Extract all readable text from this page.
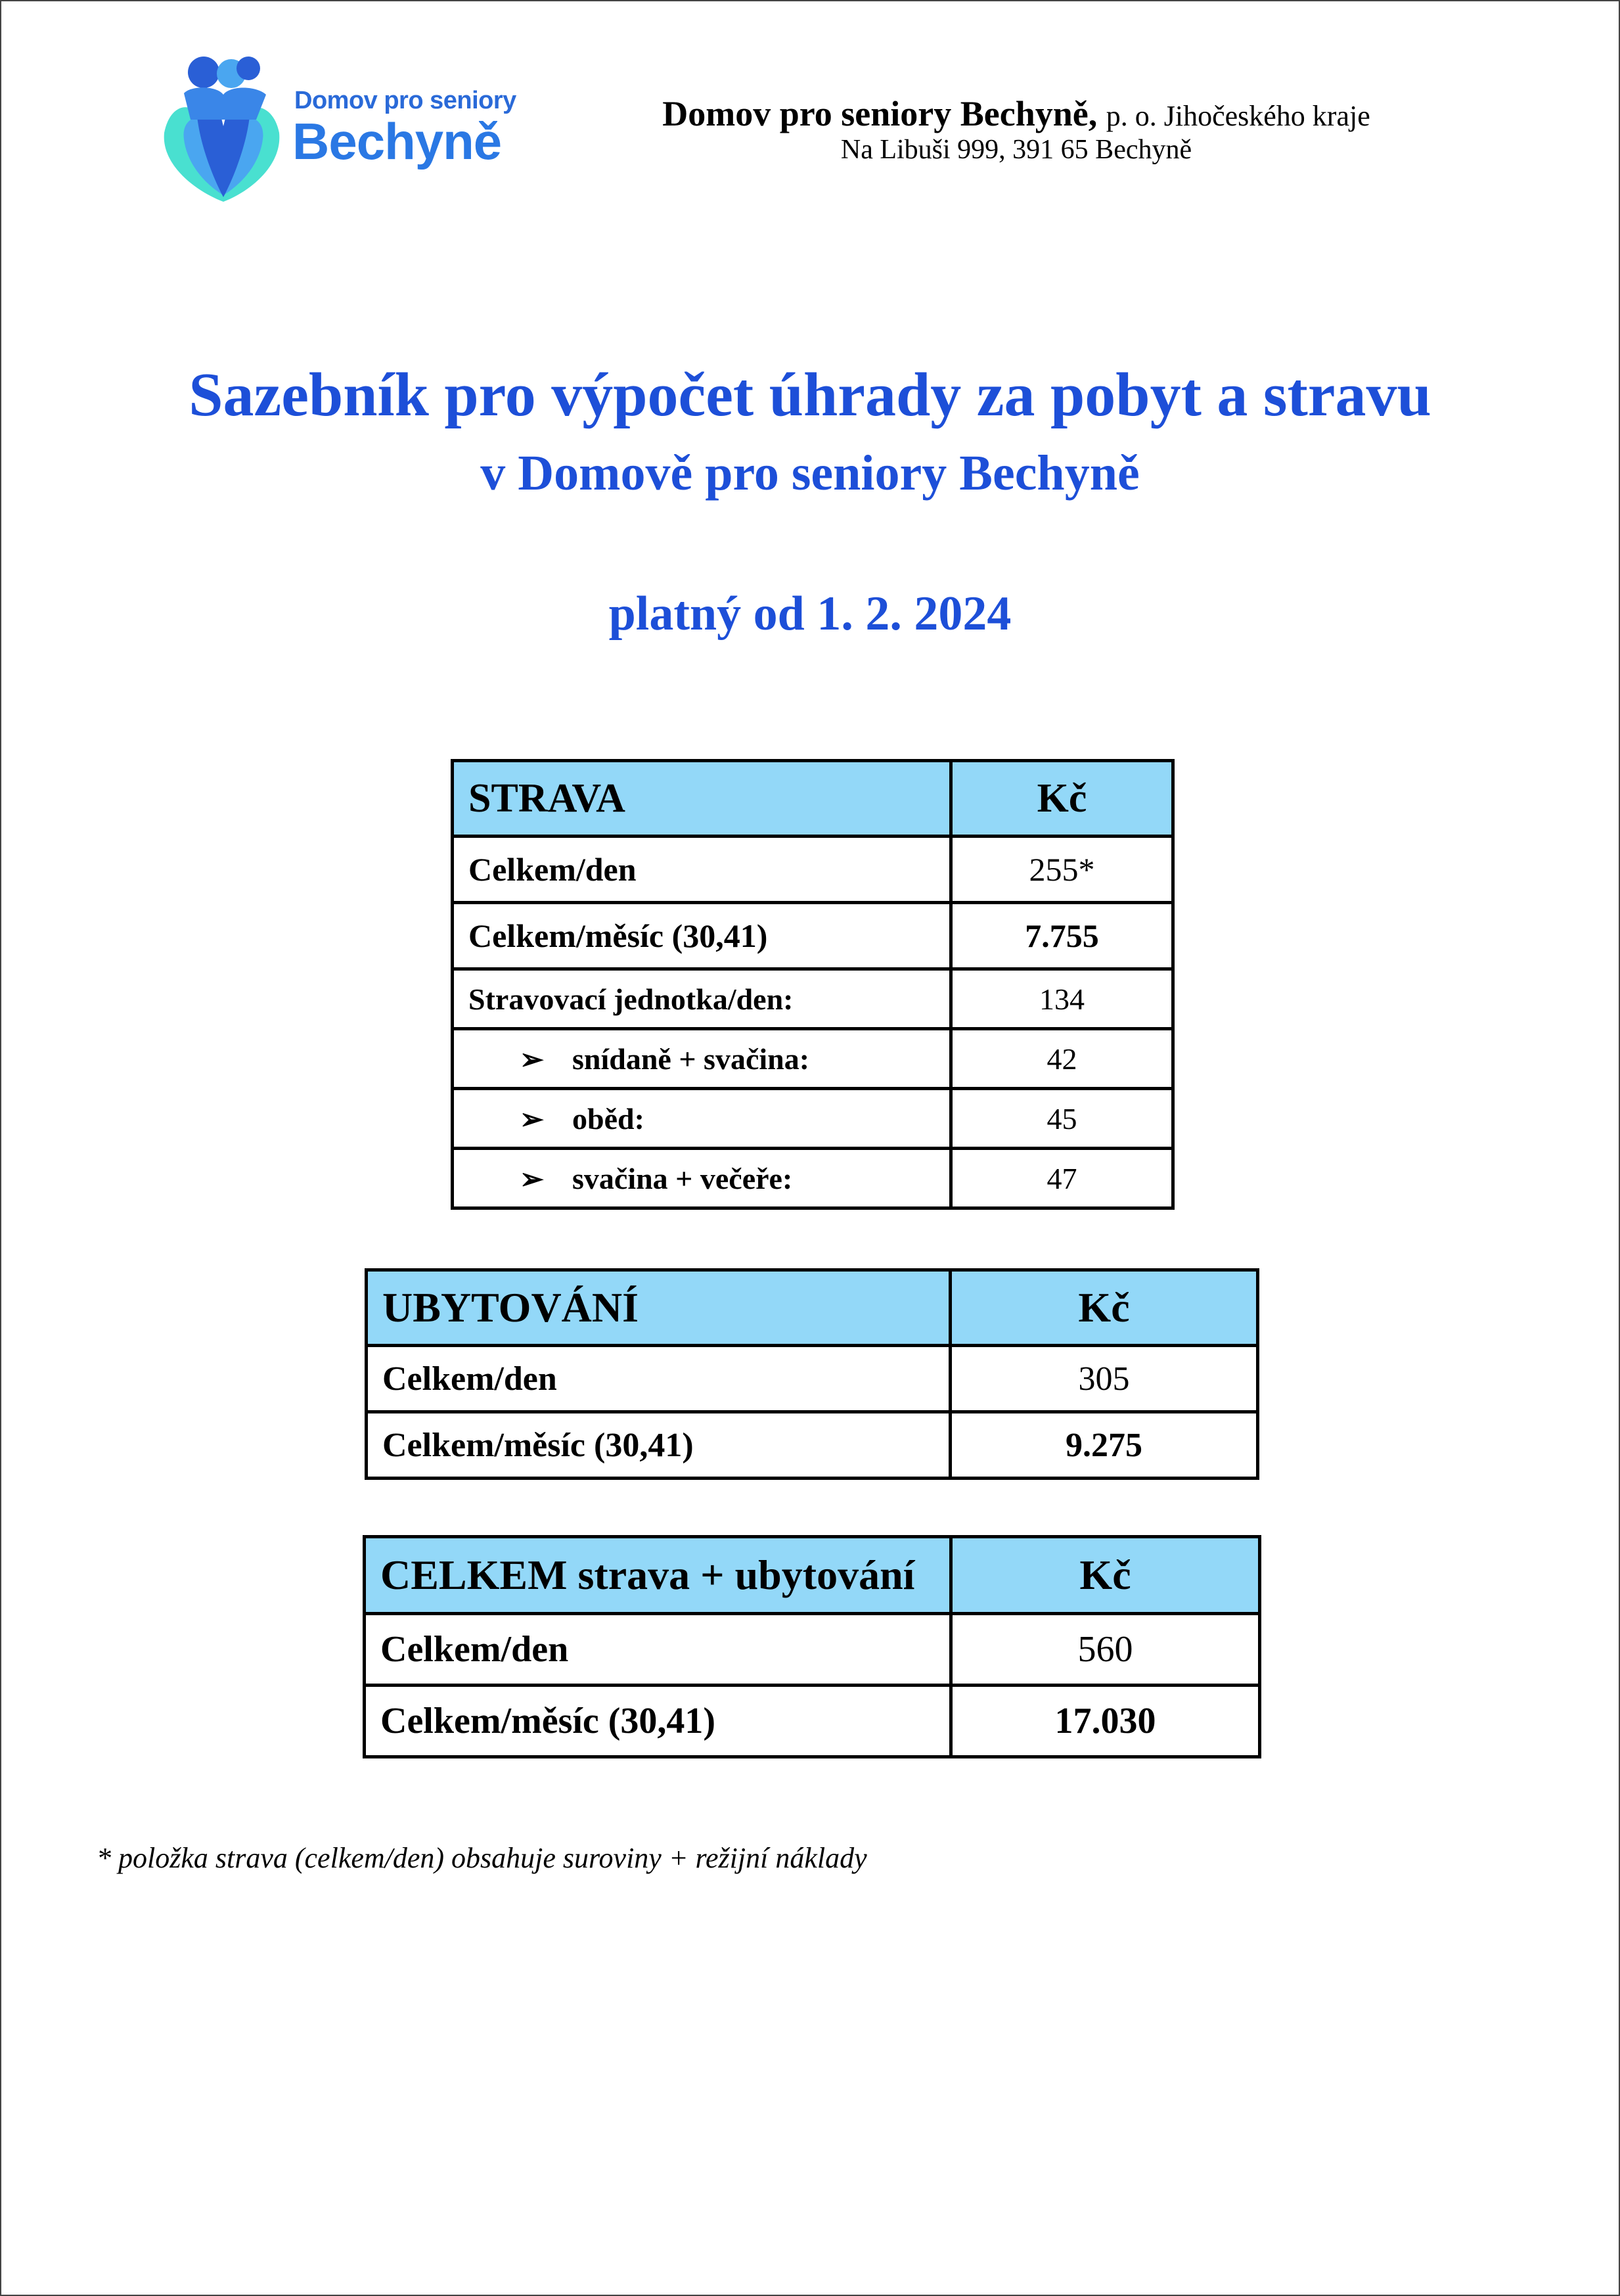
Domov pro seniory
Bechyně	Domov pro seniory Bechyně, p. o. Jihočeského kraje
Na Libuši 999, 391 65 Bechyně
Sazebník pro výpočet úhrady za pobyt a stravu
v Domově pro seniory Bechyně
platný od 1. 2. 2024
STRAVA	Kč
Celkem/den	255*
Celkem/měsíc (30,41)	7.755
Stravovací jednotka/den:	134
➢ snídaně + svačina:	42
➢ oběd:	45
➢ svačina + večeře:	47
UBYTOVÁNÍ	Kč
Celkem/den	305
Celkem/měsíc (30,41)	9.275
CELKEM strava + ubytování	Kč
Celkem/den	560
Celkem/měsíc (30,41)	17.030
* položka strava (celkem/den) obsahuje suroviny + režijní náklady
